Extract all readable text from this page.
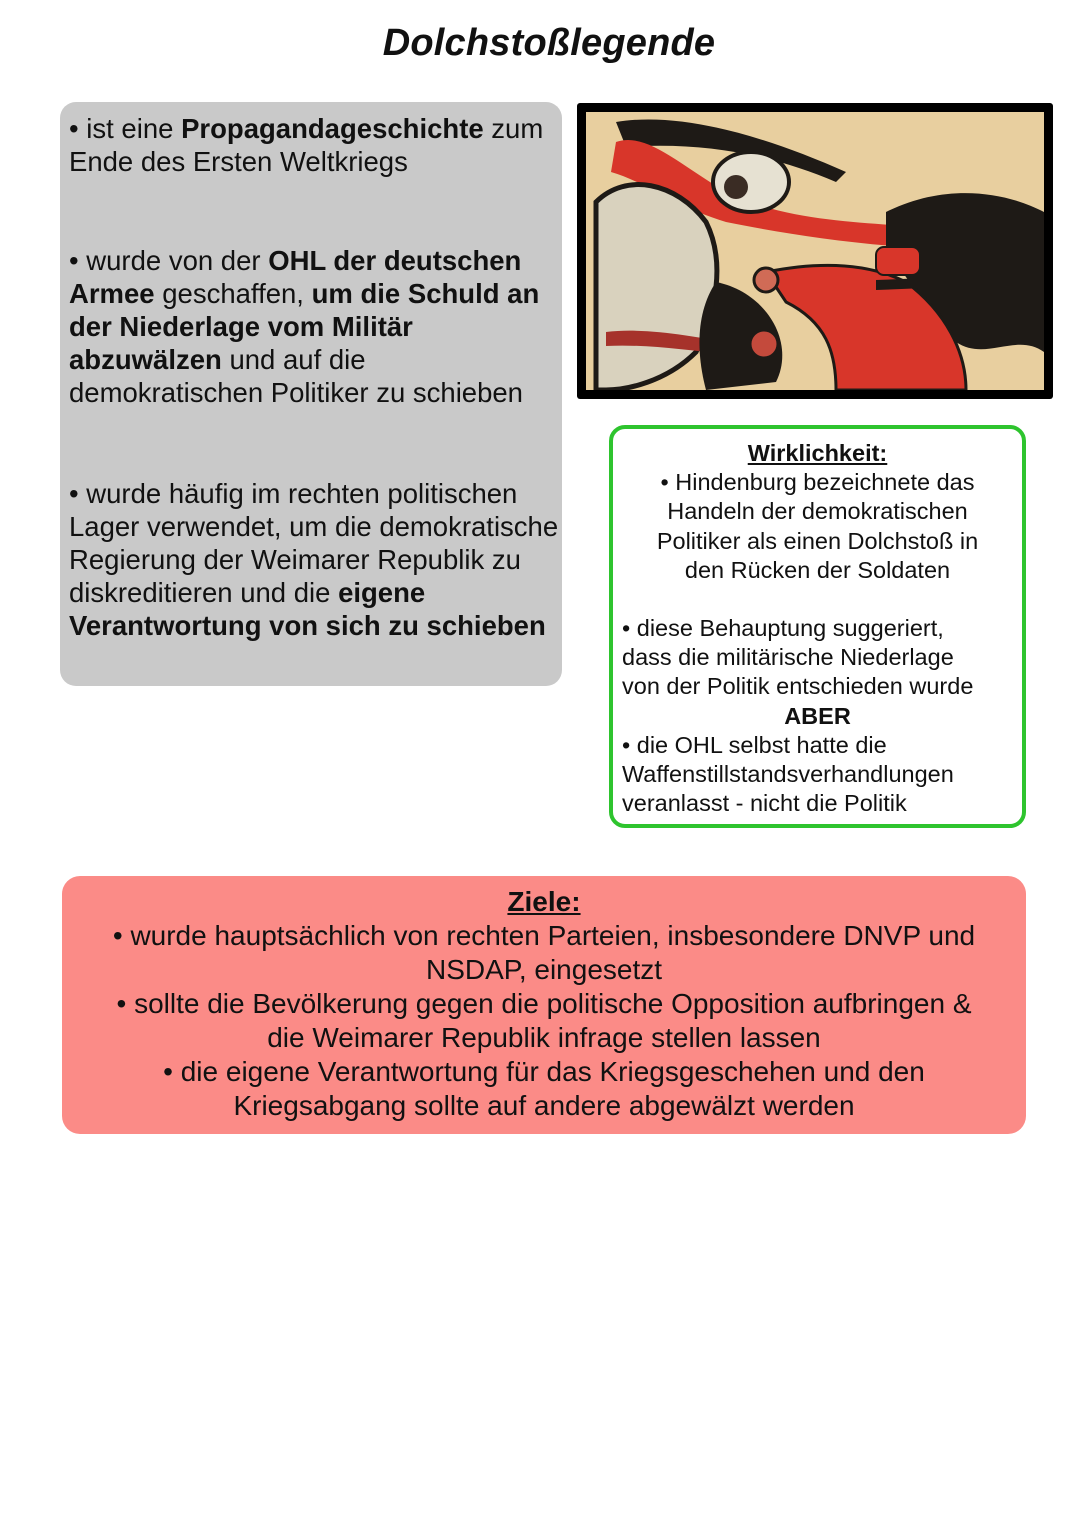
Dolchstoßlegende

• ist eine Propagandageschichte zum Ende des Ersten Weltkriegs

• wurde von der OHL der deutschen Armee geschaffen, um die Schuld an der Niederlage vom Militär abzuwälzen und auf die demokratischen Politiker zu schieben

• wurde häufig im rechten politischen Lager verwendet, um die demokratische Regierung der Weimarer Republik zu diskreditieren und die eigene Verantwortung von sich zu schieben

Wirklichkeit:
• Hindenburg bezeichnete das
Handeln der demokratischen
Politiker als einen Dolchstoß in
den Rücken der Soldaten
• diese Behauptung suggeriert,
dass die militärische Niederlage
von der Politik entschieden wurde
ABER
• die OHL selbst hatte die
Waffenstillstandsverhandlungen
veranlasst - nicht die Politik
Ziele:
• wurde hauptsächlich von rechten Parteien, insbesondere DNVP und
NSDAP, eingesetzt
• sollte die Bevölkerung gegen die politische Opposition aufbringen &
die Weimarer Republik infrage stellen lassen
• die eigene Verantwortung für das Kriegsgeschehen und den
Kriegsabgang sollte auf andere abgewälzt werden
